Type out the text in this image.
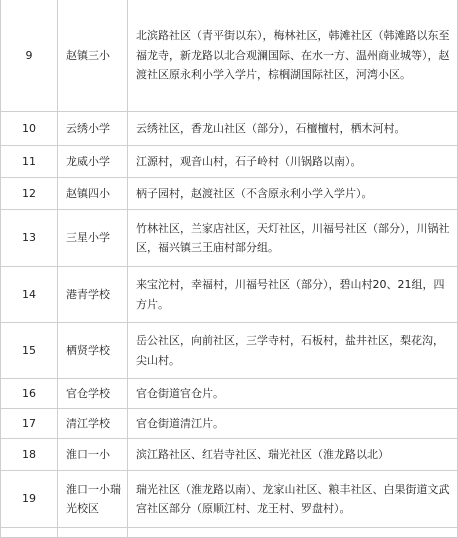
9	赵镇三小	北滨路社区（青平街以东），梅林社区，韩滩社区（韩滩路以东至福龙寺，新龙路以北合观澜国际、在水一方、温州商业城等），赵渡社区原永利小学入学片，棕榈湖国际社区，河湾小区。
10	云绣小学	云绣社区，香龙山社区（部分），石檀檀村，栖木河村。
11	龙威小学	江源村，观音山村，石子岭村（川锅路以南）。
12	赵镇四小	柄子园村，赵渡社区（不含原永利小学入学片）。
13	三星小学	竹林社区，兰家店社区，天灯社区，川福号社区（部分），川锅社区，福兴镇三王庙村部分组。
14	港青学校	来宝沱村，幸福村，川福号社区（部分），碧山村20、21组，四方片。
15	栖贤学校	岳公社区，向前社区，三学寺村，石板村，盐井社区，梨花沟，尖山村。
16	官仓学校	官仓街道官仓片。
17	清江学校	官仓街道清江片。
18	淮口一小	滨江路社区、红岩寺社区、瑞光社区（淮龙路以北）
19	淮口一小瑞光校区	瑞光社区（淮龙路以南）、龙家山社区、粮丰社区、白果街道文武宫社区部分（原顺江村、龙王村、罗盘村）。
